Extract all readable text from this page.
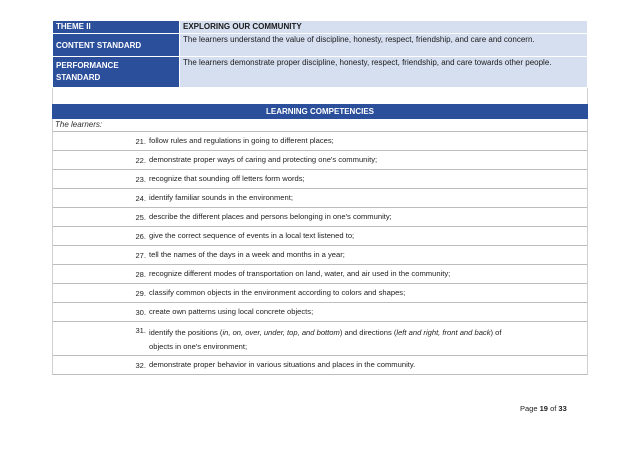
THEME II	EXPLORING OUR COMMUNITY
CONTENT STANDARD	The learners understand the value of discipline, honesty, respect, friendship, and care and concern.
PERFORMANCE
STANDARD	The learners demonstrate proper discipline, honesty, respect, friendship, and care towards other people.
LEARNING COMPETENCIES
The learners:
21. follow rules and regulations in going to different places;
22. demonstrate proper ways of caring and protecting one's community;
23. recognize that sounding off letters form words;
24. identify familiar sounds in the environment;
25. describe the different places and persons belonging in one's community;
26. give the correct sequence of events in a local text listened to;
27. tell the names of the days in a week and months in a year;
28. recognize different modes of transportation on land, water, and air used in the community;
29. classify common objects in the environment according to colors and shapes;
30. create own patterns using local concrete objects;
31. identify the positions (in, on, over, under, top, and bottom) and directions (left and right, front and back) of
objects in one's environment;
32. demonstrate proper behavior in various situations and places in the community.
Page 19 of 33
